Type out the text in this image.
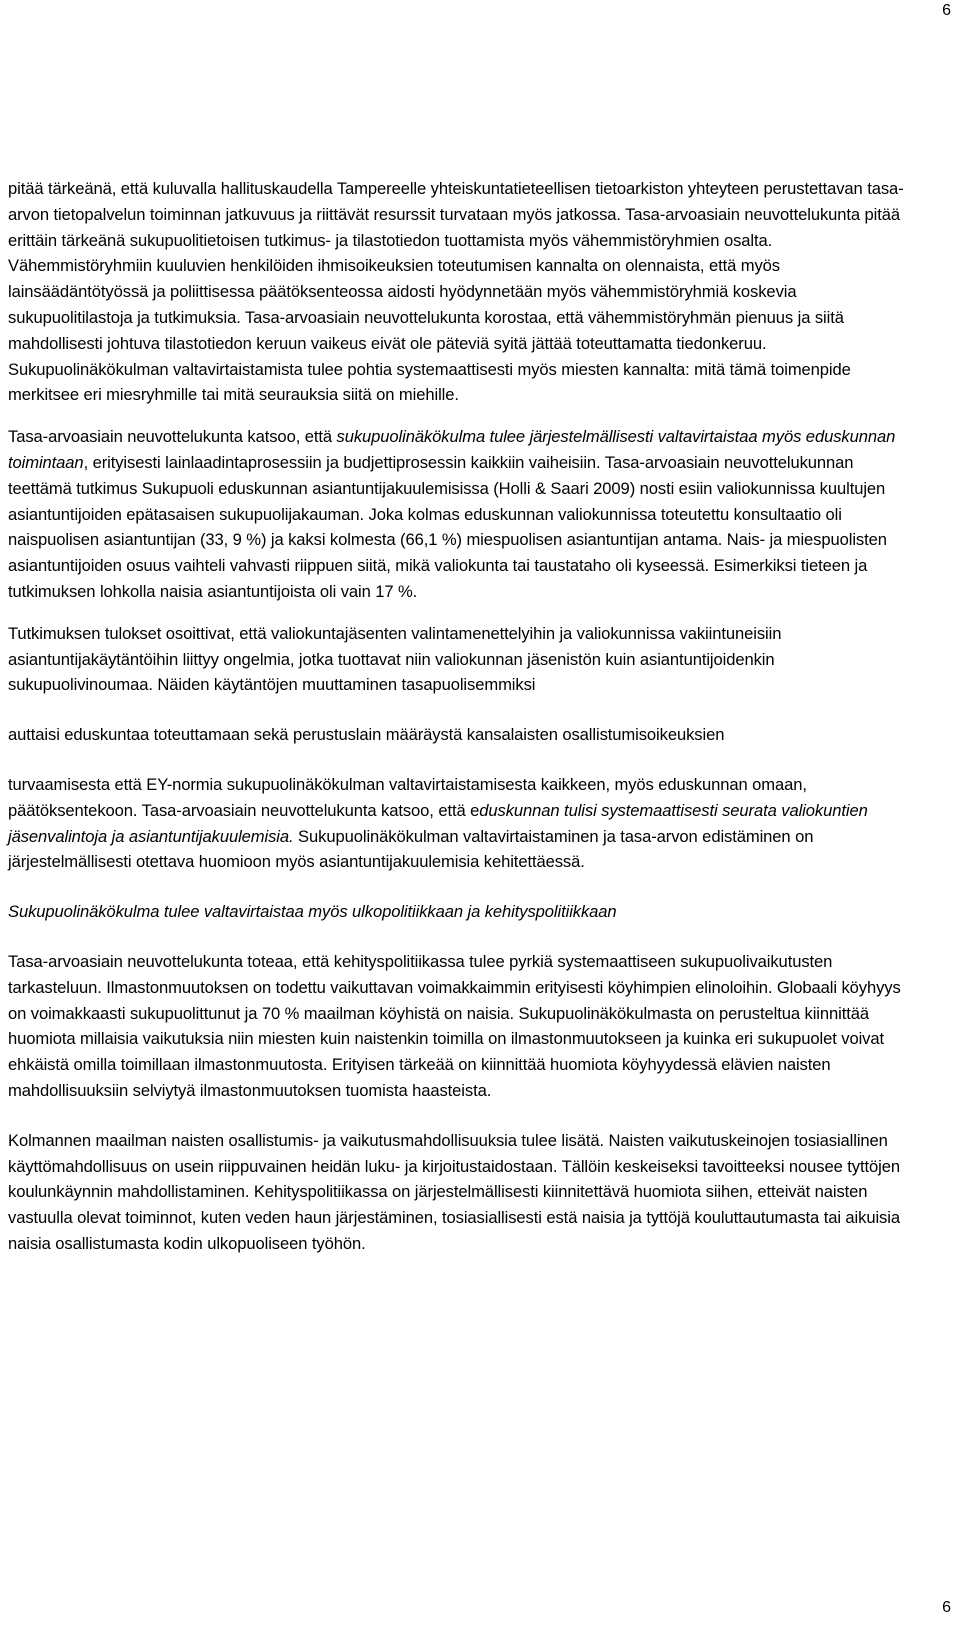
6

pitää tärkeänä, että kuluvalla hallituskaudella Tampereelle yhteiskuntatieteellisen tietoarkiston yhteyteen perustettavan tasa-arvon tietopalvelun toiminnan jatkuvuus ja riittävät resurssit turvataan myös jatkossa. Tasa-arvoasiain neuvottelukunta pitää erittäin tärkeänä sukupuolitietoisen tutkimus- ja tilastotiedon tuottamista myös vähemmistöryhmien osalta. Vähemmistöryhmiin kuuluvien henkilöiden ihmisoikeuksien toteutumisen kannalta on olennaista, että myös lainsäädäntötyössä ja poliittisessa päätöksenteossa aidosti hyödynnetään myös vähemmistöryhmiä koskevia sukupuolitilastoja ja tutkimuksia. Tasa-arvoasiain neuvottelukunta korostaa, että vähemmistöryhmän pienuus ja siitä mahdollisesti johtuva tilastotiedon keruun vaikeus eivät ole päteviä syitä jättää toteuttamatta tiedonkeruu. Sukupuolinäkökulman valtavirtaistamista tulee pohtia systemaattisesti myös miesten kannalta: mitä tämä toimenpide merkitsee eri miesryhmille tai mitä seurauksia siitä on miehille.

Tasa-arvoasiain neuvottelukunta katsoo, että sukupuolinäkökulma tulee järjestelmällisesti valtavirtaistaa myös eduskunnan toimintaan, erityisesti lainlaadintaprosessiin ja budjettiprosessin kaikkiin vaiheisiin. Tasa-arvoasiain neuvottelukunnan teettämä tutkimus Sukupuoli eduskunnan asiantuntijakuulemisissa (Holli & Saari 2009) nosti esiin valiokunnissa kuultujen asiantuntijoiden epätasaisen sukupuolijakauman. Joka kolmas eduskunnan valiokunnissa toteutettu konsultaatio oli naispuolisen asiantuntijan (33, 9 %) ja kaksi kolmesta (66,1 %) miespuolisen asiantuntijan antama. Nais- ja miespuolisten asiantuntijoiden osuus vaihteli vahvasti riippuen siitä, mikä valiokunta tai taustataho oli kyseessä. Esimerkiksi tieteen ja tutkimuksen lohkolla naisia asiantuntijoista oli vain 17 %.

Tutkimuksen tulokset osoittivat, että valiokuntajäsenten valintamenettelyihin ja valiokunnissa vakiintuneisiin asiantuntijakäytäntöihin liittyy ongelmia, jotka tuottavat niin valiokunnan jäsenistön kuin asiantuntijoidenkin sukupuolivinoumaa. Näiden käytäntöjen muuttaminen tasapuolisemmiksi

auttaisi eduskuntaa toteuttamaan sekä perustuslain määräystä kansalaisten osallistumisoikeuksien

turvaamisesta että EY-normia sukupuolinäkökulman valtavirtaistamisesta kaikkeen, myös eduskunnan omaan, päätöksentekoon. Tasa-arvoasiain neuvottelukunta katsoo, että eduskunnan tulisi systemaattisesti seurata valiokuntien jäsenvalintoja ja asiantuntijakuulemisia. Sukupuolinäkökulman valtavirtaistaminen ja tasa-arvon edistäminen on järjestelmällisesti otettava huomioon myös asiantuntijakuulemisia kehitettäessä.

Sukupuolinäkökulma tulee valtavirtaistaa myös ulkopolitiikkaan ja kehityspolitiikkaan

Tasa-arvoasiain neuvottelukunta toteaa, että kehityspolitiikassa tulee pyrkiä systemaattiseen sukupuolivaikutusten tarkasteluun. Ilmastonmuutoksen on todettu vaikuttavan voimakkaimmin erityisesti köyhimpien elinoloihin. Globaali köyhyys on voimakkaasti sukupuolittunut ja 70 % maailman köyhistä on naisia. Sukupuolinäkökulmasta on perusteltua kiinnittää huomiota millaisia vaikutuksia niin miesten kuin naistenkin toimilla on ilmastonmuutokseen ja kuinka eri sukupuolet voivat ehkäistä omilla toimillaan ilmastonmuutosta. Erityisen tärkeää on kiinnittää huomiota köyhyydessä elävien naisten mahdollisuuksiin selviytyä ilmastonmuutoksen tuomista haasteista.

Kolmannen maailman naisten osallistumis- ja vaikutusmahdollisuuksia tulee lisätä. Naisten vaikutuskeinojen tosiasiallinen käyttömahdollisuus on usein riippuvainen heidän luku- ja kirjoitustaidostaan. Tällöin keskeiseksi tavoitteeksi nousee tyttöjen koulunkäynnin mahdollistaminen. Kehityspolitiikassa on järjestelmällisesti kiinnitettävä huomiota siihen, etteivät naisten vastuulla olevat toiminnot, kuten veden haun järjestäminen, tosiasiallisesti estä naisia ja tyttöjä kouluttautumasta tai aikuisia naisia osallistumasta kodin ulkopuoliseen työhön.

6
